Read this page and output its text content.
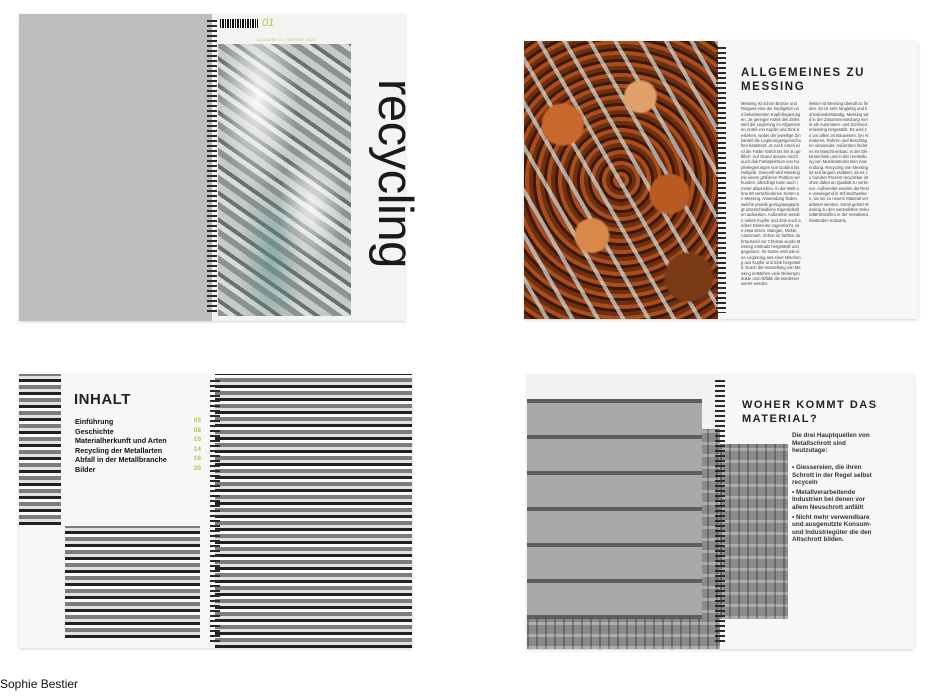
01
AUSGABE 01 | HERBST 2021
recycling
ALLGEMEINES ZU MESSING
Messing ist schon Bronze und Rotguss eine der häufigsten und bekanntesten Kupferlegierungen. Je geringer Anteil des Zinks wird die Legierung im Allgemeinen Anteil von Kupfer und Zink bestehen, wobei der jeweilige Zinkanteil die Legierungseigenschaften bestimmt. Je nach Anteil wird die Farbe rötlich bis hin zu gelblich. Auf Grund dessen reicht auch das Farbspektrum von Kupferlegierungen von Goldrot bis Hellgelb. Generell wird Messing mit einem größeren Porttion verbunden, allerdings kann auch immer abweichen. In der Welt ohne 60 verschiedenen Sorten an Messing. Anwendung finden, welche jeweils gering/ausgeprägt unterschiedliche Eigenschaften aufweisen. Außerdem werden neben Kupfer und Zink noch andere Elemente zugemischt, wie etwa Eisen, Mangan, Nickel, Aluminium. Schon im fünften Jahrtausend vor Christus wurde Messing erstmals hergestellt und gegossen. Ihr Name wird wie eine Legierung aus einer Mischung aus Kupfer und Zink hergestellt. Durch die Herstellung von Messing entstehen viele Nebenprodukte und Abfälle die wiederverwertet werden.
Weiter ist Messing überall zu finden. Es ist sehr langlebig und korrosionsbeständig. Messing wird in der Zusammensetzung meist als Automaten- und Schmiedemessing hergestellt. Es wird zu vor allem im Bauwesen, bei Armaturen, Rohren und Beschlägen verwendet. Außerdem findet es im Maschinenbau, in der Elektrotechnik und in der Herstellung von Musikinstrumenten Anwendung. Recycling von Messing ist seit langem etabliert, da es zu hundert Prozent recyclebar ist ohne dabei an Qualität zu verlieren. Aufbereitet werden die Reste vorwiegend in Schmelzwerken, wo sie zu neuem Material verarbeitet werden. Somit gehört Messing zu den wertvollsten Sekundärrohstoffen in der metallverarbeitenden Industrie.
INHALT
Einführung
Geschichte
Materialherkunft und Arten
Recycling der Metallarten
Abfall in der Metallbranche
Bilder
05
08
10
14
16
20
WOHER KOMMT DAS MATERIAL?
Die drei Hauptquellen von Metallschrott sind heutzutage:
• Giessereien, die ihren Schrott in der Regel selbst recyceln
• Metallverarbeitende Industrien bei denen vor allem Neuschrott anfällt
• Nicht mehr verwendbare und ausgenutzte Konsum- und Industriegüter die den Altschrott bilden.
Sophie Bestier
